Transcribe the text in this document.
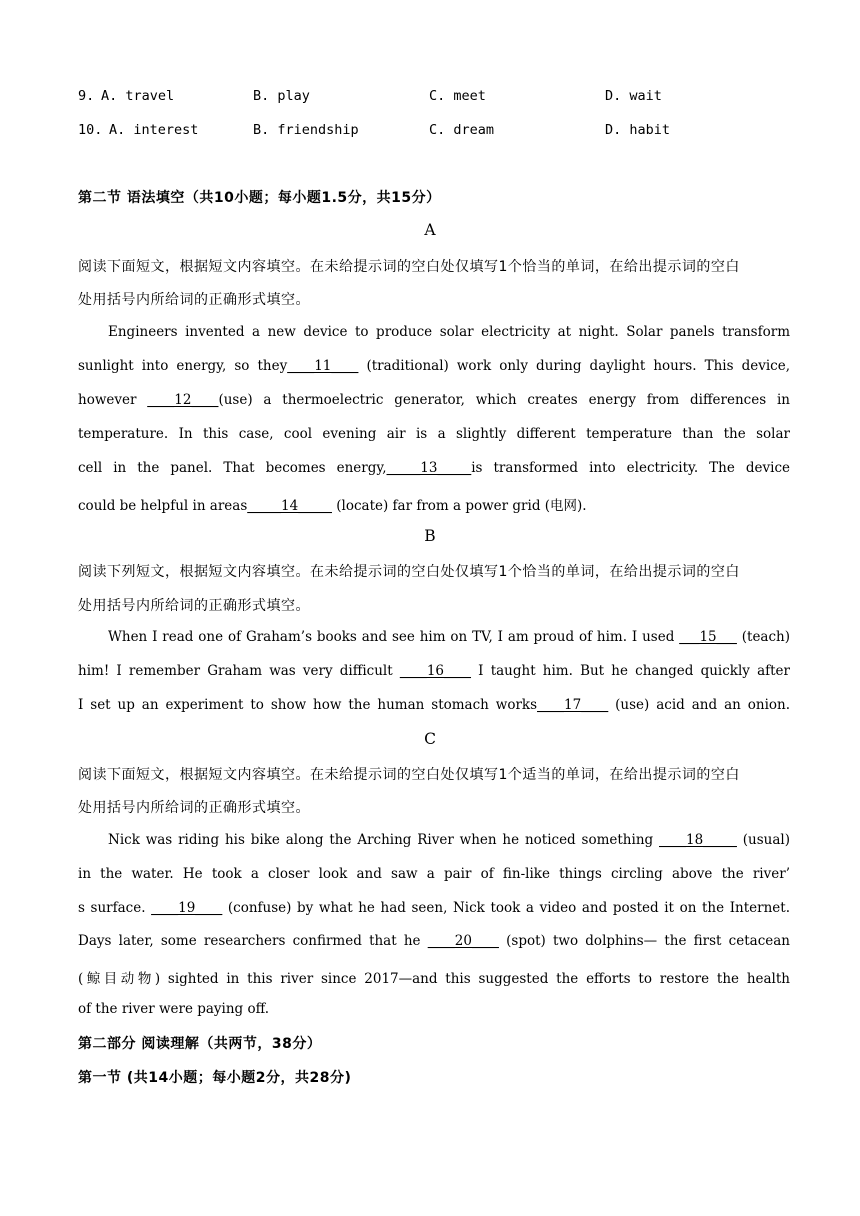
9. A. travel	B. play	C. meet	D. wait
10. A. interest	B. friendship	C. dream	D. habit
第二节 语法填空（共10小题；每小题1.5分，共15分）
A
阅读下面短文，根据短文内容填空。在未给提示词的空白处仅填写1个恰当的单词，在给出提示词的空白
处用括号内所给词的正确形式填空。
Engineers invented a new device to produce solar electricity at night. Solar panels transform
sunlight into energy, so they____11____ (traditional) work only during daylight hours. This device,
however ____12____(use) a thermoelectric generator, which creates energy from differences in
temperature. In this case, cool evening air is a slightly different temperature than the solar
cell in the panel. That becomes energy,_____13_____is transformed into electricity. The device
could be helpful in areas_____14_____ (locate) far from a power grid (电网).
B
阅读下列短文，根据短文内容填空。在未给提示词的空白处仅填写1个恰当的单词，在给出提示词的空白
处用括号内所给词的正确形式填空。
When I read one of Graham’s books and see him on TV, I am proud of him. I used ___15___ (teach)
him! I remember Graham was very difficult ____16____ I taught him. But he changed quickly after
I set up an experiment to show how the human stomach works____17____ (use) acid and an onion.
C
阅读下面短文，根据短文内容填空。在未给提示词的空白处仅填写1个适当的单词，在给出提示词的空白
处用括号内所给词的正确形式填空。
Nick was riding his bike along the Arching River when he noticed something ____18_____ (usual)
in the water. He took a closer look and saw a pair of fin-like things circling above the river’
s surface. ____19____ (confuse) by what he had seen, Nick took a video and posted it on the Internet.
Days later, some researchers confirmed that he ____20____ (spot) two dolphins— the first cetacean
(鲸目动物) sighted in this river since 2017—and this suggested the efforts to restore the health
of the river were paying off.
第二部分 阅读理解（共两节，38分）
第一节 (共14小题；每小题2分，共28分)
